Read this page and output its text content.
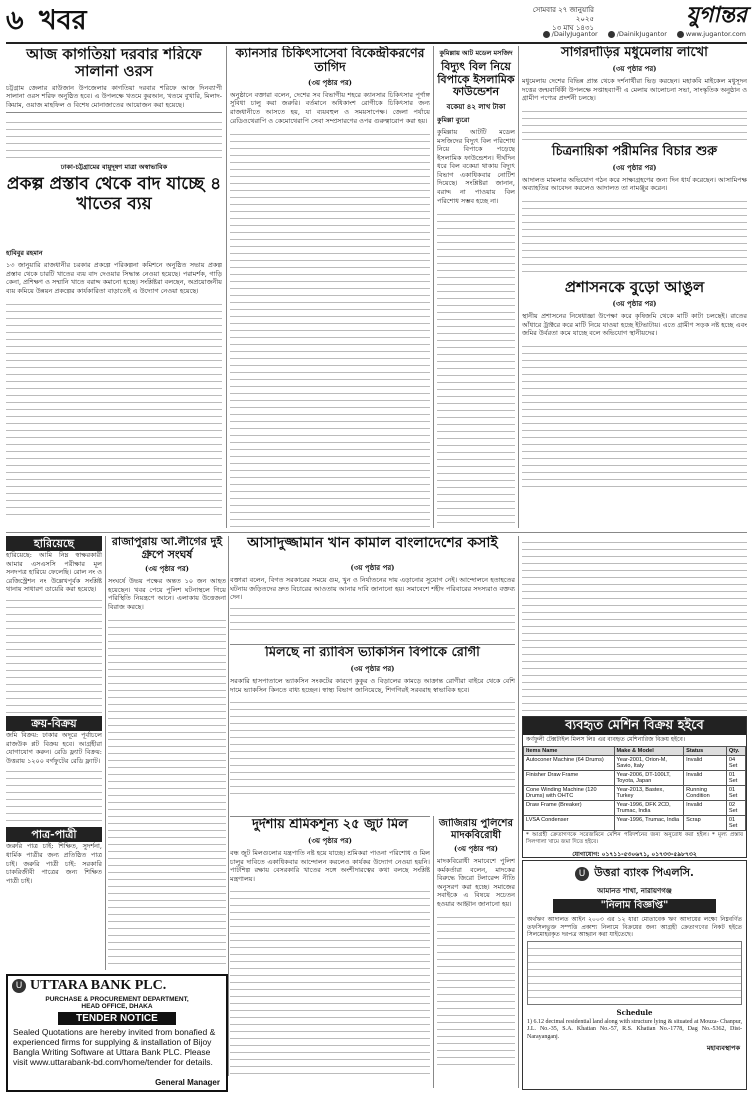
৬ খবর	সোমবার ২৭ জানুয়ারি ২০২৫
১৩ মাঘ ১৪৩১	যুগান্তর
/DailyJugantor	/DainikJugantor	www.jugantor.com
আজ কাগতিয়া দরবার শরিফে সালানা ওরস

চট্টগ্রাম জেলার রাউজান উপজেলার কাগতিয়া দরবার শরিফে আজ দিনব্যাপী সালানা ওরস শরিফ অনুষ্ঠিত হবে। এ উপলক্ষে খতমে কুরআন, খতমে বুখারি, মিলাদ-কিয়াম, ওয়াজ মাহফিল ও বিশেষ মোনাজাতের আয়োজন করা হয়েছে।

ঢাকা-চট্টগ্রামের বায়ুদূষণ মাত্রা অস্বাভাবিক

প্রকল্প প্রস্তাব থেকে বাদ যাচ্ছে ৪ খাতের ব্যয়

হাবিবুর রহমান

১৩ জানুয়ারি রাজধানীর চরকার প্রকল্পে পরিকল্পনা কমিশনে অনুষ্ঠিত সভায় প্রকল্প প্রস্তাব থেকে চারটি খাতের ব্যয় বাদ দেওয়ার সিদ্ধান্ত নেওয়া হয়েছে। পরামর্শক, গাড়ি কেনা, প্রশিক্ষণ ও সম্মানি খাতে বরাদ্দ কমানো হচ্ছে। সংশ্লিষ্টরা বলছেন, অপ্রয়োজনীয় ব্যয় কমিয়ে উন্নয়ন প্রকল্পের কার্যকারিতা বাড়াতেই এ উদ্যোগ নেওয়া হয়েছে।

ক্যানসার চিকিৎসাসেবা বিকেন্দ্রীকরণের তাগিদ

(৩য় পৃষ্ঠার পর)

অনুষ্ঠানে বক্তারা বলেন, দেশের সব বিভাগীয় শহরে ক্যানসার চিকিৎসার পূর্ণাঙ্গ সুবিধা চালু করা জরুরি। বর্তমানে অধিকাংশ রোগীকে চিকিৎসার জন্য রাজধানীতে আসতে হয়, যা ব্যয়বহুল ও সময়সাপেক্ষ। জেলা পর্যায়ে রেডিওথেরাপি ও কেমোথেরাপি সেবা সম্প্রসারণের ওপর গুরুত্বারোপ করা হয়।

কুমিল্লায় আট মডেল মসজিদ

বিদ্যুৎ বিল নিয়ে বিপাকে ইসলামিক ফাউন্ডেশন

বকেয়া ৪২ লাখ টাকা

কুমিল্লা ব্যুরো

কুমিল্লায় আটটি মডেল মসজিদের বিদ্যুৎ বিল পরিশোধ নিয়ে বিপাকে পড়েছে ইসলামিক ফাউন্ডেশন। দীর্ঘদিন ধরে বিল বকেয়া থাকায় বিদ্যুৎ বিভাগ একাধিকবার নোটিশ দিয়েছে। সংশ্লিষ্টরা জানান, বরাদ্দ না পাওয়ায় বিল পরিশোধ সম্ভব হচ্ছে না।

সাগরদাঁড়ির মধুমেলায় লাখো

(৩য় পৃষ্ঠার পর)

মধুমেলায় দেশের বিভিন্ন প্রান্ত থেকে দর্শনার্থীরা ভিড় করছেন। মহাকবি মাইকেল মধুসূদন দত্তের জন্মবার্ষিকী উপলক্ষে সপ্তাহব্যাপী এ মেলায় আলোচনা সভা, সাংস্কৃতিক অনুষ্ঠান ও গ্রামীণ পণ্যের প্রদর্শনী চলছে।

চিত্রনায়িকা পরীমনির বিচার শুরু

(৩য় পৃষ্ঠার পর)

আদালত মামলার অভিযোগ গঠন করে সাক্ষ্যগ্রহণের জন্য দিন ধার্য করেছেন। আসামিপক্ষ অব্যাহতির আবেদন করলেও আদালত তা নামঞ্জুর করেন।

প্রশাসনকে বুড়ো আঙুল

(৩য় পৃষ্ঠার পর)

স্থানীয় প্রশাসনের নিষেধাজ্ঞা উপেক্ষা করে কৃষিজমি থেকে মাটি কাটা চলছেই। রাতের আঁধারে ট্রাক্টরে করে মাটি নিয়ে যাওয়া হচ্ছে ইটভাটায়। এতে গ্রামীণ সড়ক নষ্ট হচ্ছে এবং জমির উর্বরতা কমে যাচ্ছে বলে অভিযোগ স্থানীয়দের।

আসাদুজ্জামান খান কামাল বাংলাদেশের কসাই
হারিয়েছে

হারিয়েছে: আমি নিম্ন স্বাক্ষরকারী আমার এসএসসি পরীক্ষার মূল সনদপত্র হারিয়ে ফেলেছি। রোল নং ও রেজিস্ট্রেশন নং উল্লেখপূর্বক সংশ্লিষ্ট থানায় সাধারণ ডায়েরি করা হয়েছে।

ক্রয়-বিক্রয়

জমি বিক্রয়: ঢাকার অদূরে পূর্বাচলে রাজউক প্লট বিক্রয় হবে। আগ্রহীরা যোগাযোগ করুন। রেডি ফ্ল্যাট বিক্রয়: উত্তরায় ১২০০ বর্গফুটের রেডি ফ্ল্যাট।

পাত্র-পাত্রী

জরুরি পাত্র চাই: শিক্ষিত, সুদর্শনা, ধার্মিক পাত্রীর জন্য প্রতিষ্ঠিত পাত্র চাই। জরুরি পাত্রী চাই: সরকারি চাকরিজীবী পাত্রের জন্য শিক্ষিত পাত্রী চাই।

রাজাপুরায় আ.লীগের দুই গ্রুপে সংঘর্ষ

(৩য় পৃষ্ঠার পর)

সংঘর্ষে উভয় পক্ষের অন্তত ১০ জন আহত হয়েছেন। খবর পেয়ে পুলিশ ঘটনাস্থলে গিয়ে পরিস্থিতি নিয়ন্ত্রণে আনে। এলাকায় উত্তেজনা বিরাজ করছে।

(৩য় পৃষ্ঠার পর)

বক্তারা বলেন, বিগত সরকারের সময়ে গুম, খুন ও নির্যাতনের দায় এড়ানোর সুযোগ নেই। আন্দোলনে হতাহতের ঘটনায় জড়িতদের দ্রুত বিচারের আওতায় আনার দাবি জানানো হয়। সমাবেশে শহীদ পরিবারের সদস্যরাও বক্তব্য দেন।

মিলছে না র‌্যাবিস ভ্যাকসিন বিপাকে রোগী

(৩য় পৃষ্ঠার পর)

সরকারি হাসপাতালে ভ্যাকসিন সংকটের কারণে কুকুর ও বিড়ালের কামড়ে আক্রান্ত রোগীরা বাইরে থেকে বেশি দামে ভ্যাকসিন কিনতে বাধ্য হচ্ছেন। স্বাস্থ্য বিভাগ জানিয়েছে, শিগগিরই সরবরাহ স্বাভাবিক হবে।

দুর্দশায় শ্রমিকশূন্য ২৫ জুট মিল

(৩য় পৃষ্ঠার পর)

বন্ধ জুট মিলগুলোর যন্ত্রপাতি নষ্ট হয়ে যাচ্ছে। শ্রমিকরা পাওনা পরিশোধ ও মিল চালুর দাবিতে একাধিকবার আন্দোলন করলেও কার্যকর উদ্যোগ নেওয়া হয়নি। পাটশিল্প রক্ষায় বেসরকারি খাতের সঙ্গে অংশীদারত্বের কথা বলছে সংশ্লিষ্ট মন্ত্রণালয়।

জাজিরায় পুলিশের মাদকবিরোধী

(৩য় পৃষ্ঠার পর)

মাদকবিরোধী সমাবেশে পুলিশ কর্মকর্তারা বলেন, মাদকের বিরুদ্ধে জিরো টলারেন্স নীতি অনুসরণ করা হচ্ছে। সমাজের সবাইকে এ বিষয়ে সচেতন হওয়ার আহ্বান জানানো হয়।

ব্যবহৃত মেশিন বিক্রয় হইবে

কর্ণফুলী টেক্সটাইল মিলস লিঃ এর ব্যবহৃত মেশিনারিজ বিক্রয় হইবে।

Items Name	Make & Model	Status	Qty.
Autoconer Machine (64 Drums)	Year-2001, Orion-M, Savio, Italy	Invalid	04 Set
Finisher Draw Frame	Year-2006, DT-100LT, Toyota, Japan	Invalid	01 Set
Cone Winding Machine (120 Drums) with OHTC	Year-2013, Bastex, Turkey	Running Condition	01 Set
Draw Frame (Breaker)	Year-1996, DFK 2CD, Trumac, India	Invalid	02 Set
LVSA Condenser	Year-1996, Trumac, India	Scrap	01 Set

* আগ্রহী ক্রেতাগণকে সরেজমিনে মেশিন পরিদর্শনের জন্য অনুরোধ করা হইল। * মূল্য প্রস্তাব সিলগালা খামে জমা দিতে হইবে।

যোগাযোগ: ০১৭১১-৫৩০৬৭১, ০১৭৩৩-৫৯৮৭৩২

U উত্তরা ব্যাংক পিএলসি.

আমানত শাখা, নারায়ণগঞ্জ

"নিলাম বিজ্ঞপ্তি"

অর্থঋণ আদালত আইন ২০০৩ এর ১২ ধারা মোতাবেক ঋণ আদায়ের লক্ষ্যে নিম্নবর্ণিত তফসিলভুক্ত সম্পত্তি প্রকাশ্য নিলামে বিক্রয়ের জন্য আগ্রহী ক্রেতাগণের নিকট হইতে সিলমোহরকৃত দরপত্র আহ্বান করা যাইতেছে।

Schedule

1) 6.12 decimal residential land along with structure lying & situated at Mouza- Chanpur, J.L. No.-35, S.A. Khatian No.-57, R.S. Khatian No.-1778, Dag No.-5362, Dist- Narayanganj.

মহাব্যবস্থাপক

U UTTARA BANK PLC.
PURCHASE & PROCUREMENT DEPARTMENT,
HEAD OFFICE, DHAKA
TENDER NOTICE

Sealed Quotations are hereby invited from bonafied & experienced firms for supplying & installation of Bijoy Bangla Writing Software at Uttara Bank PLC. Please visit www.uttarabank-bd.com/home/tender for details.

General Manager
